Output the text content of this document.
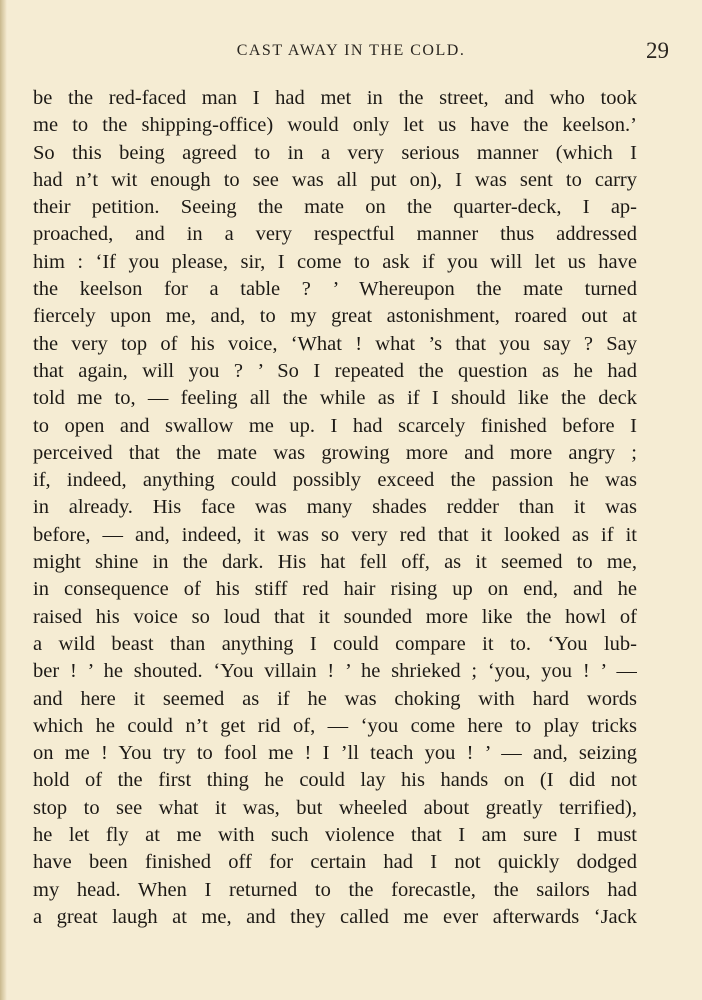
CAST AWAY IN THE COLD.	29
be the red-faced man I had met in the street, and who took
me to the shipping-office) would only let us have the keelson.’
So this being agreed to in a very serious manner (which I
had n’t wit enough to see was all put on), I was sent to carry
their petition. Seeing the mate on the quarter-deck, I ap-
proached, and in a very respectful manner thus addressed
him : ‘If you please, sir, I come to ask if you will let us have
the keelson for a table ? ’ Whereupon the mate turned
fiercely upon me, and, to my great astonishment, roared out at
the very top of his voice, ‘What ! what ’s that you say ? Say
that again, will you ? ’ So I repeated the question as he had
told me to, — feeling all the while as if I should like the deck
to open and swallow me up. I had scarcely finished before I
perceived that the mate was growing more and more angry ;
if, indeed, anything could possibly exceed the passion he was
in already. His face was many shades redder than it was
before, — and, indeed, it was so very red that it looked as if it
might shine in the dark. His hat fell off, as it seemed to me,
in consequence of his stiff red hair rising up on end, and he
raised his voice so loud that it sounded more like the howl of
a wild beast than anything I could compare it to. ‘You lub-
ber ! ’ he shouted. ‘You villain ! ’ he shrieked ; ‘you, you ! ’ —
and here it seemed as if he was choking with hard words
which he could n’t get rid of, — ‘you come here to play tricks
on me ! You try to fool me ! I ’ll teach you ! ’ — and, seizing
hold of the first thing he could lay his hands on (I did not
stop to see what it was, but wheeled about greatly terrified),
he let fly at me with such violence that I am sure I must
have been finished off for certain had I not quickly dodged
my head. When I returned to the forecastle, the sailors had
a great laugh at me, and they called me ever afterwards ‘Jack
